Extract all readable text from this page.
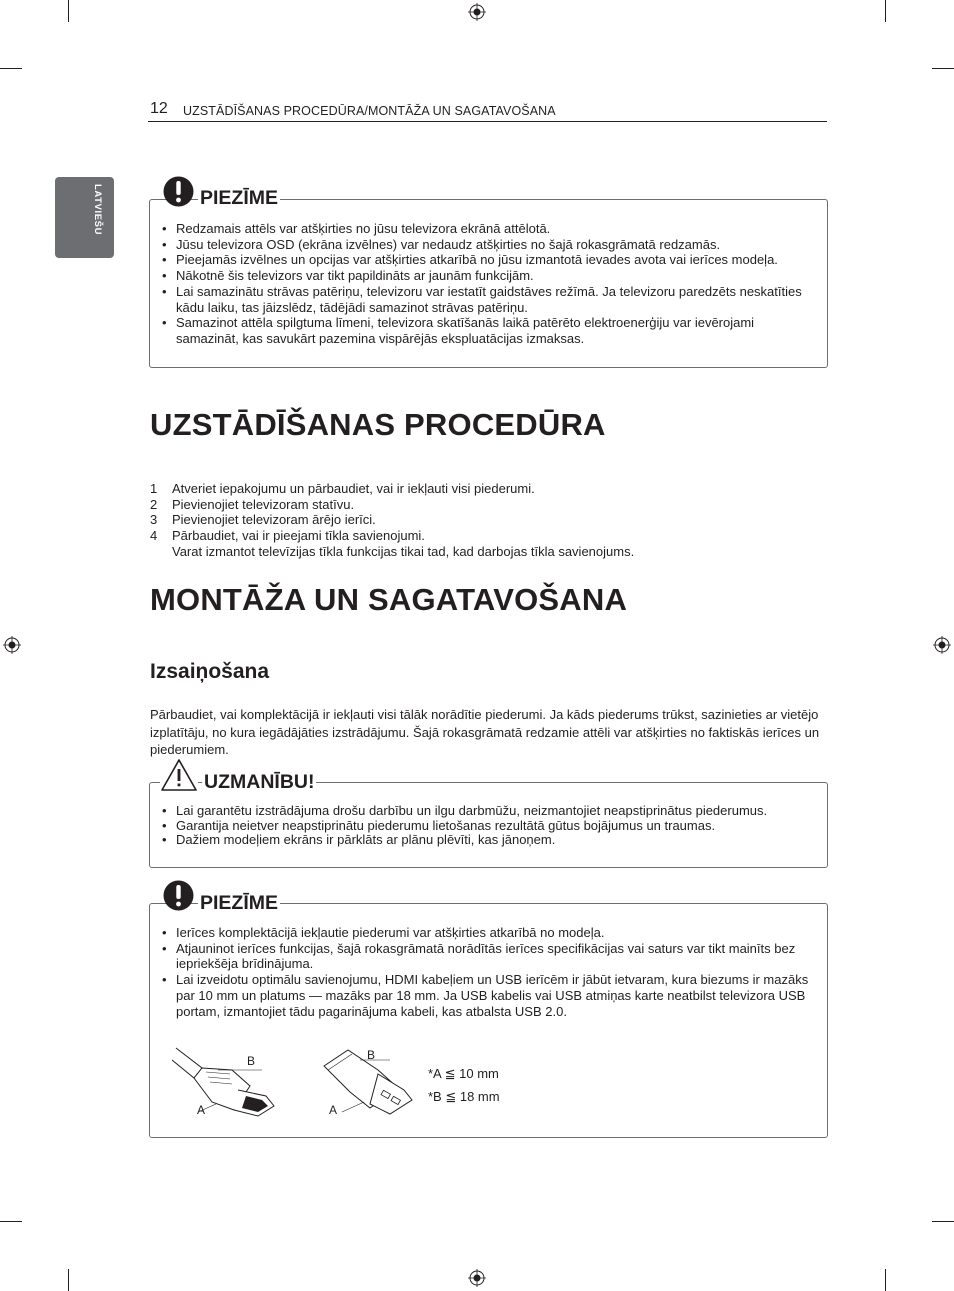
12 UZSTĀDĪŠANAS PROCEDŪRA/MONTĀŽA UN SAGATAVOŠANA
LATVIEŠU	PIEZĪME
• Redzamais attēls var atšķirties no jūsu televizora ekrānā attēlotā.
• Jūsu televizora OSD (ekrāna izvēlnes) var nedaudz atšķirties no šajā rokasgrāmatā redzamās.
• Pieejamās izvēlnes un opcijas var atšķirties atkarībā no jūsu izmantotā ievades avota vai ierīces modeļa.
• Nākotnē šis televizors var tikt papildināts ar jaunām funkcijām.
• Lai samazinātu strāvas patēriņu, televizoru var iestatīt gaidstāves režīmā. Ja televizoru paredzēts neskatīties kādu laiku, tas jāizslēdz, tādējādi samazinot strāvas patēriņu.
• Samazinot attēla spilgtuma līmeni, televizora skatīšanās laikā patērēto elektroenerģiju var ievērojami samazināt, kas savukārt pazemina vispārējās ekspluatācijas izmaksas.
UZSTĀDĪŠANAS PROCEDŪRA
1 Atveriet iepakojumu un pārbaudiet, vai ir iekļauti visi piederumi.
2 Pievienojiet televizoram statīvu.
3 Pievienojiet televizoram ārējo ierīci.
4 Pārbaudiet, vai ir pieejami tīkla savienojumi.
Varat izmantot televīzijas tīkla funkcijas tikai tad, kad darbojas tīkla savienojums.
MONTĀŽA UN SAGATAVOŠANA
Izsaiņošana
Pārbaudiet, vai komplektācijā ir iekļauti visi tālāk norādītie piederumi. Ja kāds piederums trūkst, sazinieties ar vietējo izplatītāju, no kura iegādājāties izstrādājumu. Šajā rokasgrāmatā redzamie attēli var atšķirties no faktiskās ierīces un piederumiem.
UZMANĪBU!
• Lai garantētu izstrādājuma drošu darbību un ilgu darbmūžu, neizmantojiet neapstiprinātus piederumus.
• Garantija neietver neapstiprinātu piederumu lietošanas rezultātā gūtus bojājumus un traumas.
• Dažiem modeļiem ekrāns ir pārklāts ar plānu plēvīti, kas jānoņem.
PIEZĪME
• Ierīces komplektācijā iekļautie piederumi var atšķirties atkarībā no modeļa.
• Atjauninot ierīces funkcijas, šajā rokasgrāmatā norādītās ierīces specifikācijas vai saturs var tikt mainīts bez iepriekšēja brīdinājuma.
• Lai izveidotu optimālu savienojumu, HDMI kabeļiem un USB ierīcēm ir jābūt ietvaram, kura biezums ir mazāks par 10 mm un platums — mazāks par 18 mm. Ja USB kabelis vai USB atmiņas karte neatbilst televizora USB portam, izmantojiet tādu pagarinājuma kabeli, kas atbalsta USB 2.0.
B
A
B
A
*A ≦ 10 mm
*B ≦ 18 mm
